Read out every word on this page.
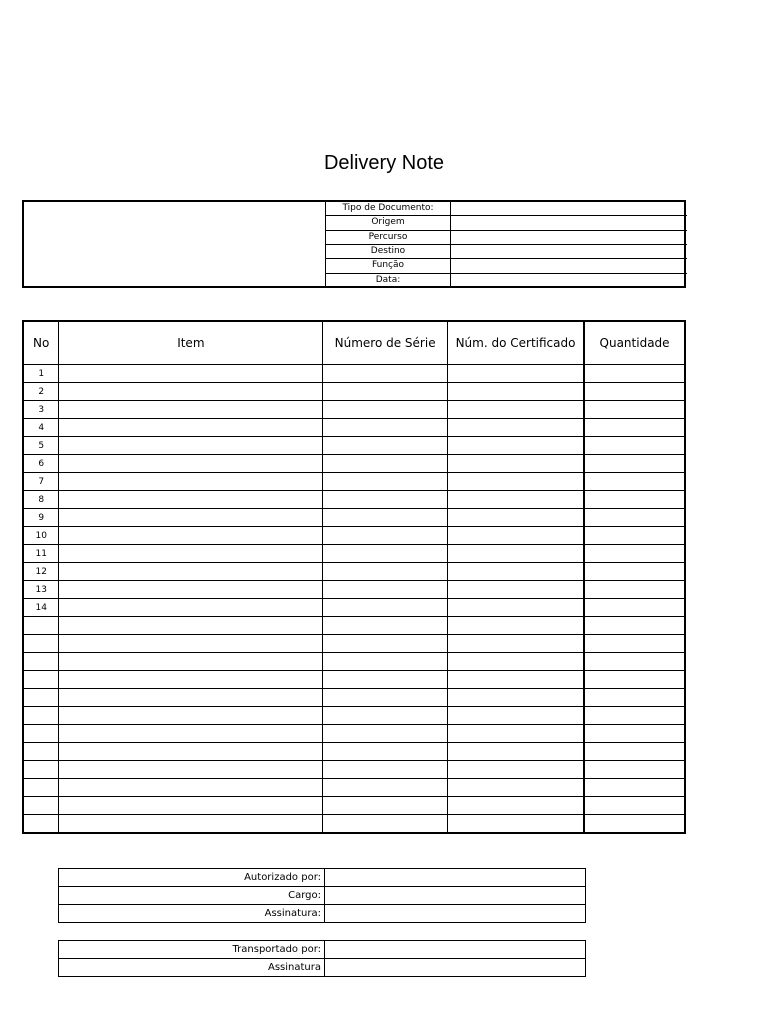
Delivery Note
Tipo de Documento:
Origem
Percurso
Destino
Função
Data:
No	Item	Número de Série	Núm. do Certificado	Quantidade
1				
2				
3				
4				
5				
6				
7				
8				
9				
10				
11				
12				
13				
14				

Autorizado por:	
Cargo:	
Assinatura:	
Transportado por:	
Assinatura	
